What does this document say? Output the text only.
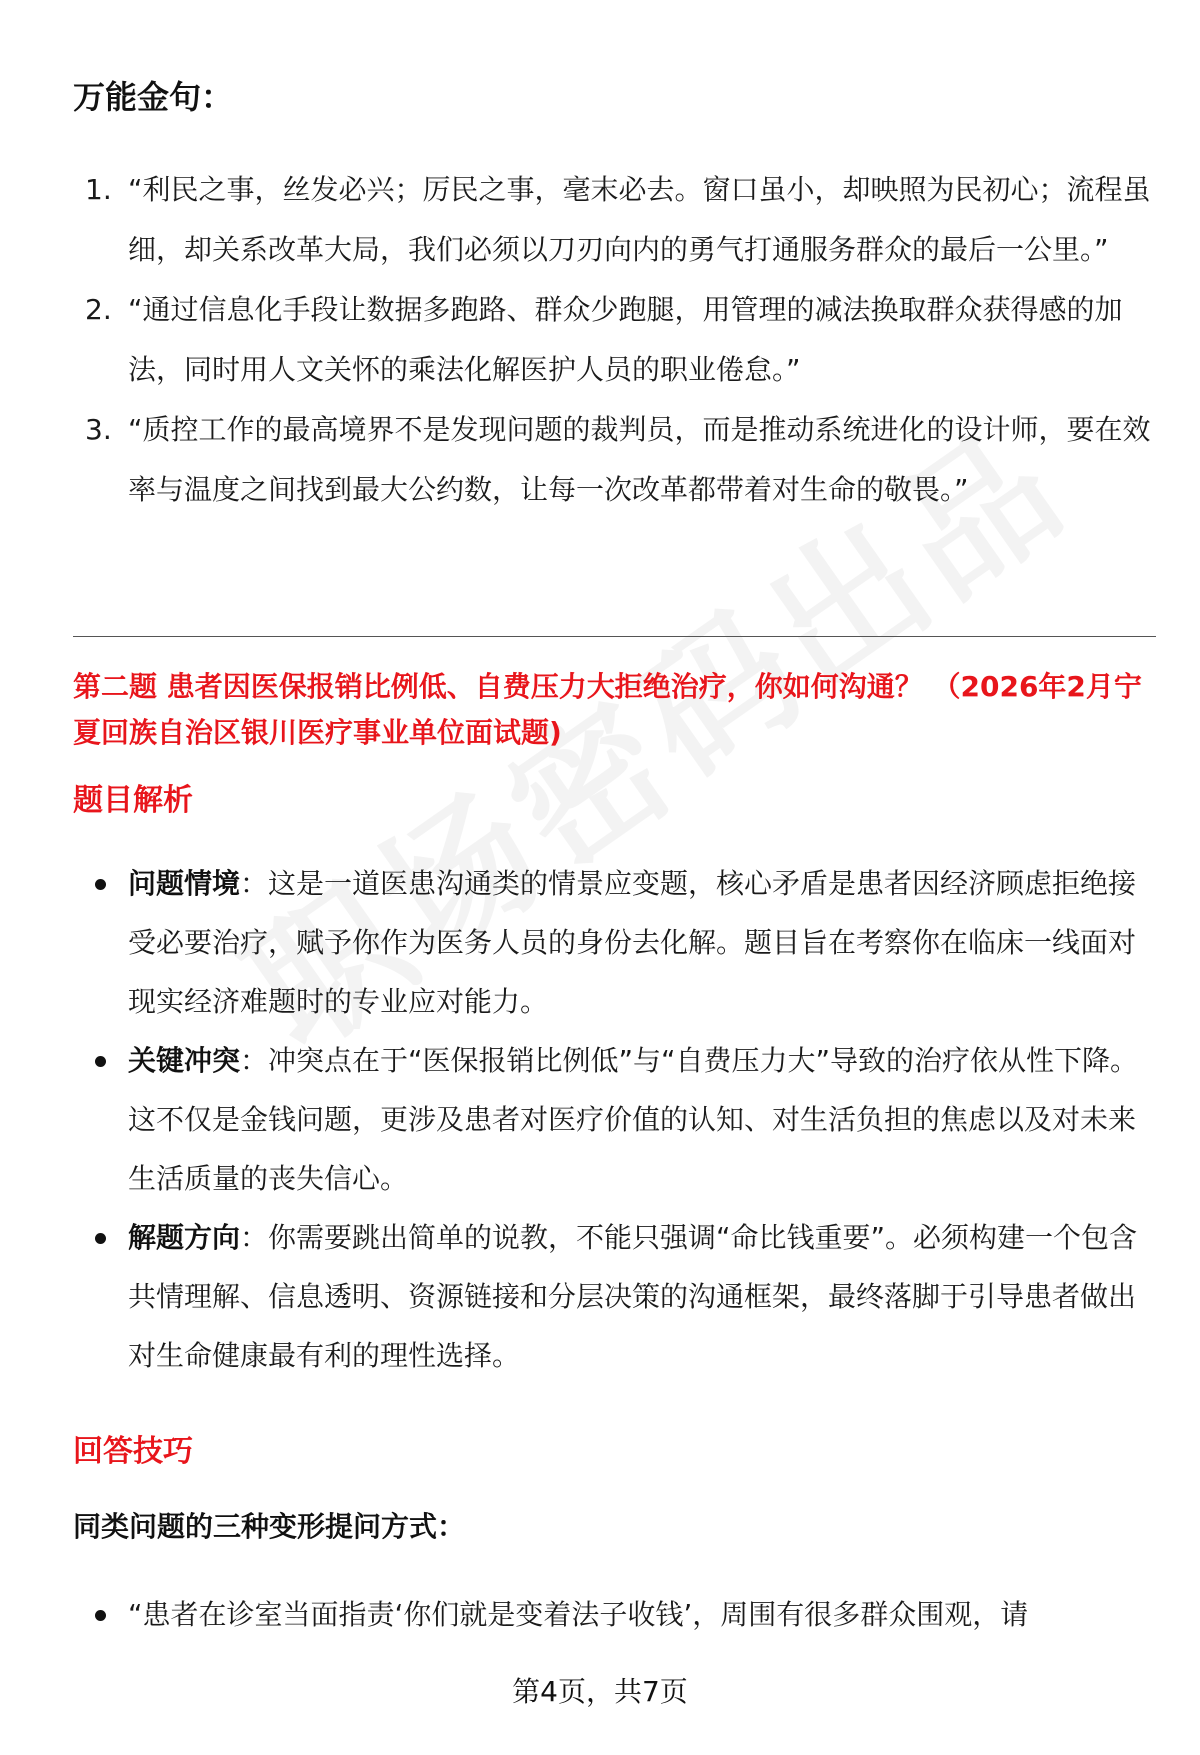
万能金句：
1. “利民之事，丝发必兴；厉民之事，毫末必去。窗口虽小，却映照为民初心；流程虽细，却关系改革大局，我们必须以刀刃向内的勇气打通服务群众的最后一公里。”
2. “通过信息化手段让数据多跑路、群众少跑腿，用管理的减法换取群众获得感的加法，同时用人文关怀的乘法化解医护人员的职业倦怠。”
3. “质控工作的最高境界不是发现问题的裁判员，而是推动系统进化的设计师，要在效率与温度之间找到最大公约数，让每一次改革都带着对生命的敬畏。”
第二题 患者因医保报销比例低、自费压力大拒绝治疗，你如何沟通？ （2026年2月宁夏回族自治区银川医疗事业单位面试题)
题目解析
问题情境：这是一道医患沟通类的情景应变题，核心矛盾是患者因经济顾虑拒绝接受必要治疗，赋予你作为医务人员的身份去化解。题目旨在考察你在临床一线面对现实经济难题时的专业应对能力。
关键冲突：冲突点在于“医保报销比例低”与“自费压力大”导致的治疗依从性下降。这不仅是金钱问题，更涉及患者对医疗价值的认知、对生活负担的焦虑以及对未来生活质量的丧失信心。
解题方向：你需要跳出简单的说教，不能只强调“命比钱重要”。必须构建一个包含共情理解、信息透明、资源链接和分层决策的沟通框架，最终落脚于引导患者做出对生命健康最有利的理性选择。
回答技巧
同类问题的三种变形提问方式：
“患者在诊室当面指责‘你们就是变着法子收钱’，周围有很多群众围观，请
第4页，共7页
